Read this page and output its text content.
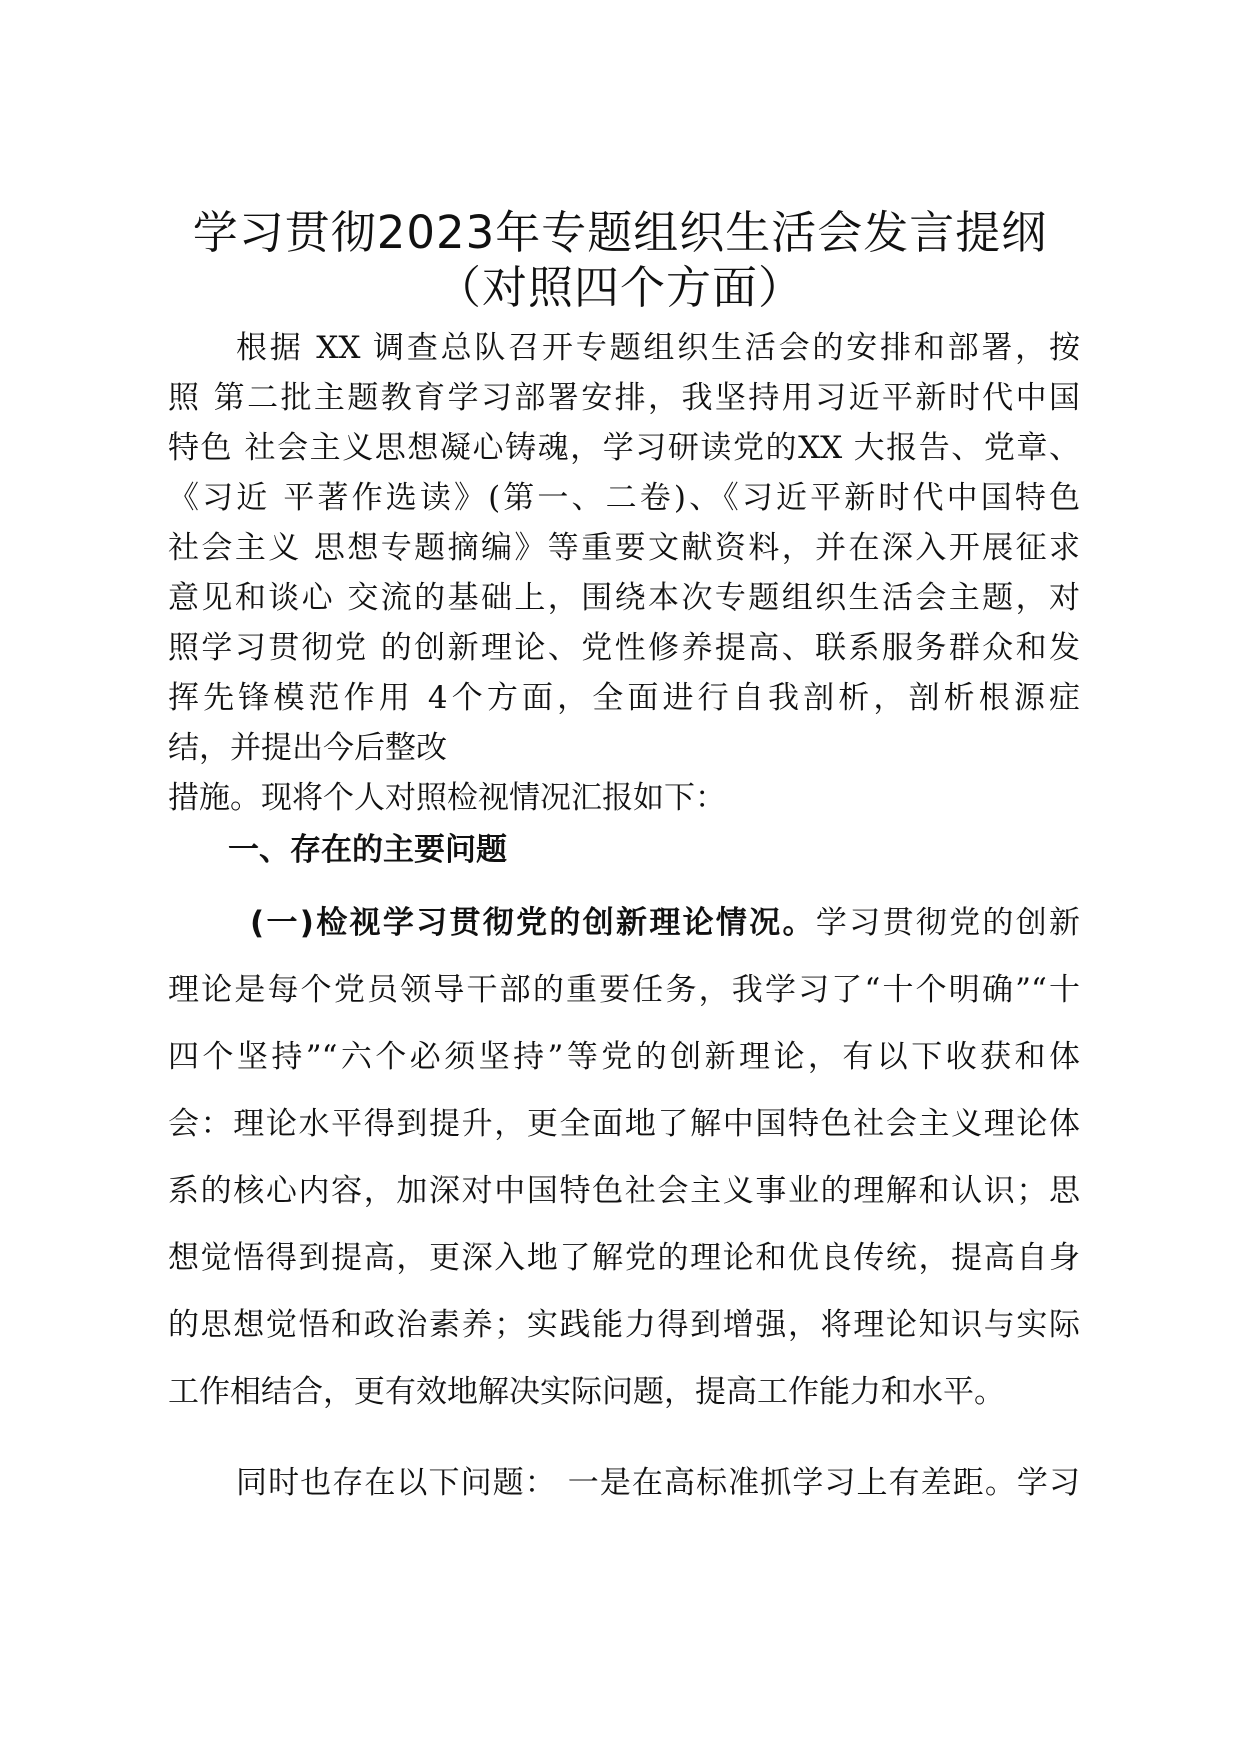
学习贯彻2023年专题组织生活会发言提纲
（对照四个方面）

根据 XX 调查总队召开专题组织生活会的安排和部署，按

照 第二批主题教育学习部署安排，我坚持用习近平新时代中国

特色 社会主义思想凝心铸魂，学习研读党的XX 大报告、党章、

《习近 平著作选读》(第一、二卷)、《习近平新时代中国特色

社会主义 思想专题摘编》等重要文献资料，并在深入开展征求

意见和谈心 交流的基础上，围绕本次专题组织生活会主题，对

照学习贯彻党 的创新理论、党性修养提高、联系服务群众和发

挥先锋模范作用 4个方面，全面进行自我剖析，剖析根源症

结，并提出今后整改

措施。现将个人对照检视情况汇报如下：

一、存在的主要问题

(一)检视学习贯彻党的创新理论情况。学习贯彻党的创新

理论是每个党员领导干部的重要任务，我学习了“十个明确”“十

四个坚持”“六个必须坚持”等党的创新理论，有以下收获和体

会：理论水平得到提升，更全面地了解中国特色社会主义理论体

系的核心内容，加深对中国特色社会主义事业的理解和认识；思

想觉悟得到提高，更深入地了解党的理论和优良传统，提高自身

的思想觉悟和政治素养；实践能力得到增强，将理论知识与实际

工作相结合，更有效地解决实际问题，提高工作能力和水平。

同时也存在以下问题： 一是在高标准抓学习上有差距。学习
